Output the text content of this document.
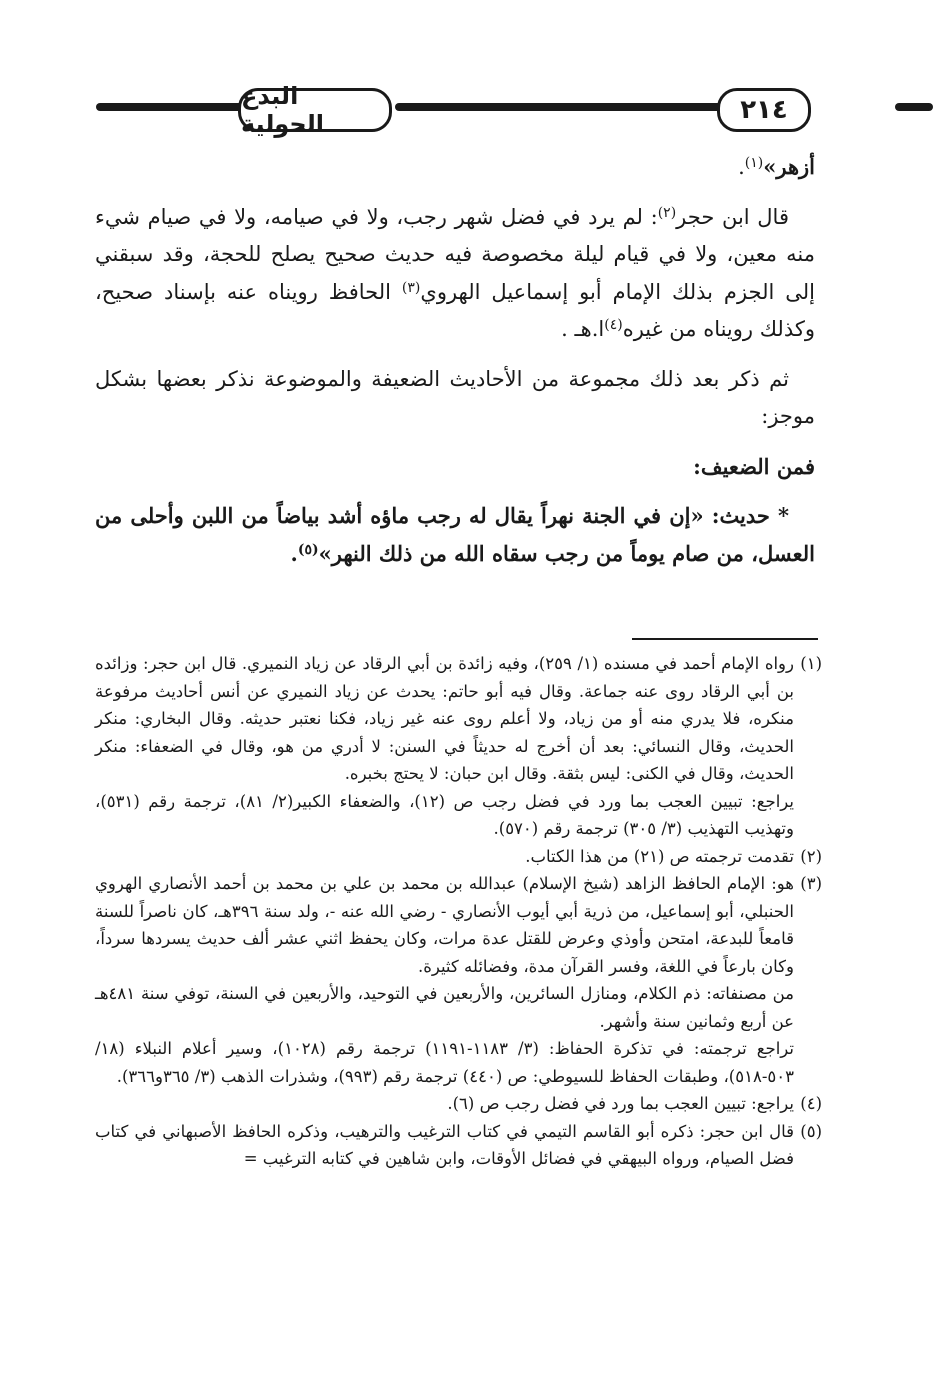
البدع الحولية	٢١٤

أزهر»$^{(١)}$.

قال ابن حجر$^{(٢)}$: لم يرد في فضل شهر رجب، ولا في صيامه، ولا في صيام شيء منه معين، ولا في قيام ليلة مخصوصة فيه حديث صحيح يصلح للحجة، وقد سبقني إلى الجزم بذلك الإمام أبو إسماعيل الهروي$^{(٣)}$ الحافظ رويناه عنه بإسناد صحيح، وكذلك رويناه من غيره$^{(٤)}$ا.هـ .

ثم ذكر بعد ذلك مجموعة من الأحاديث الضعيفة والموضوعة نذكر بعضها بشكل موجز:

فمن الضعيف:

* حديث: «إن في الجنة نهراً يقال له رجب ماؤه أشد بياضاً من اللبن وأحلى من العسل، من صام يوماً من رجب سقاه الله من ذلك النهر»$^{(٥)}$.

(١)
رواه الإمام أحمد في مسنده (١/ ٢٥٩)، وفيه زائدة بن أبي الرقاد عن زياد النميري. قال ابن حجر: وزائده بن أبي الرقاد روى عنه جماعة. وقال فيه أبو حاتم: يحدث عن زياد النميري عن أنس أحاديث مرفوعة منكره، فلا يدري منه أو من زياد، ولا أعلم روى عنه غير زياد، فكنا نعتبر حديثه. وقال البخاري: منكر الحديث، وقال النسائي: بعد أن أخرج له حديثاً في السنن: لا أدري من هو، وقال في الضعفاء: منكر الحديث، وقال في الكنى: ليس بثقة. وقال ابن حبان: لا يحتج بخبره.

يراجع: تبيين العجب بما ورد في فضل رجب ص (١٢)، والضعفاء الكبير(٢/ ٨١)، ترجمة رقم (٥٣١)، وتهذيب التهذيب (٣/ ٣٠٥) ترجمة رقم (٥٧٠).

(٢)
تقدمت ترجمته ص (٢١) من هذا الكتاب.

(٣)
هو: الإمام الحافظ الزاهد (شيخ الإسلام) عبدالله بن محمد بن علي بن محمد بن أحمد الأنصاري الهروي الحنبلي، أبو إسماعيل، من ذرية أبي أيوب الأنصاري - رضي الله عنه -، ولد سنة ٣٩٦هـ، كان ناصراً للسنة قامعاً للبدعة، امتحن وأوذي وعرض للقتل عدة مرات، وكان يحفظ اثني عشر ألف حديث يسردها سرداً، وكان بارعاً في اللغة، وفسر القرآن مدة، وفضائله كثيرة.

من مصنفاته: ذم الكلام، ومنازل السائرين، والأربعين في التوحيد، والأربعين في السنة، توفي سنة ٤٨١هـ عن أربع وثمانين سنة وأشهر.

تراجع ترجمته: في تذكرة الحفاظ: (٣/ ١١٨٣-١١٩١) ترجمة رقم (١٠٢٨)، وسير أعلام النبلاء (١٨/ ٥٠٣-٥١٨)، وطبقات الحفاظ للسيوطي: ص (٤٤٠) ترجمة رقم (٩٩٣)، وشذرات الذهب (٣/ ٣٦٥و٣٦٦).

(٤)
يراجع: تبيين العجب بما ورد في فضل رجب ص (٦).

(٥)
قال ابن حجر: ذكره أبو القاسم التيمي في كتاب الترغيب والترهيب، وذكره الحافظ الأصبهاني في كتاب فضل الصيام، ورواه البيهقي في فضائل الأوقات، وابن شاهين في كتابه الترغيب =
